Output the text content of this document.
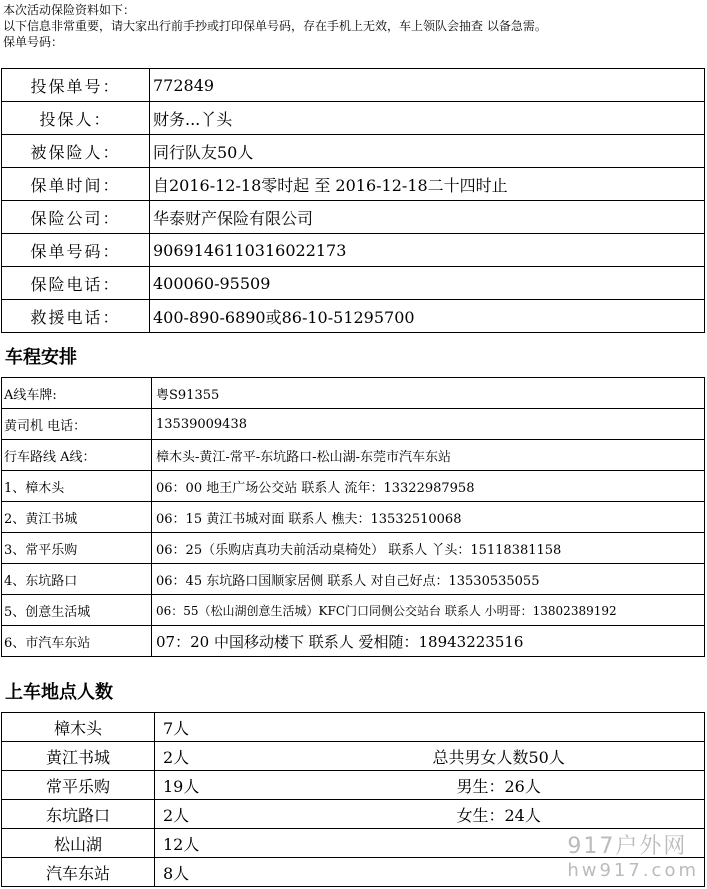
本次活动保险资料如下：
以下信息非常重要，请大家出行前手抄或打印保单号码，存在手机上无效，车上领队会抽查 以备急需。
保单号码：
投保单号：	772849
投保人：	财务...丫头
被保险人：	同行队友50人
保单时间：	自2016-12-18零时起 至 2016-12-18二十四时止
保险公司：	华泰财产保险有限公司
保单号码：	9069146110316022173
保险电话：	400060-95509
救援电话：	400-890-6890或86-10-51295700
车程安排
A线车牌:	粤S91355
黄司机 电话：	13539009438
行车路线 A线：	樟木头-黄江-常平-东坑路口-松山湖-东莞市汽车东站
1、樟木头	06：00 地王广场公交站 联系人 流年：13322987958
2、黄江书城	06：15 黄江书城对面 联系人 樵夫：13532510068
3、常平乐购	06：25（乐购店真功夫前活动桌椅处） 联系人 丫头：15118381158
4、东坑路口	06：45 东坑路口国顺家居侧 联系人 对自己好点：13530535055
5、创意生活城	06：55（松山湖创意生活城）KFC门口同侧公交站台 联系人 小明哥：13802389192
6、市汽车东站	07：20 中国移动楼下 联系人 爱相随：18943223516
上车地点人数
樟木头	7人	
黄江书城	2人	总共男女人数50人
常平乐购	19人	男生：26人
东坑路口	2人	女生：24人
松山湖	12人	
汽车东站	8人	
917户外网
hw917.com
